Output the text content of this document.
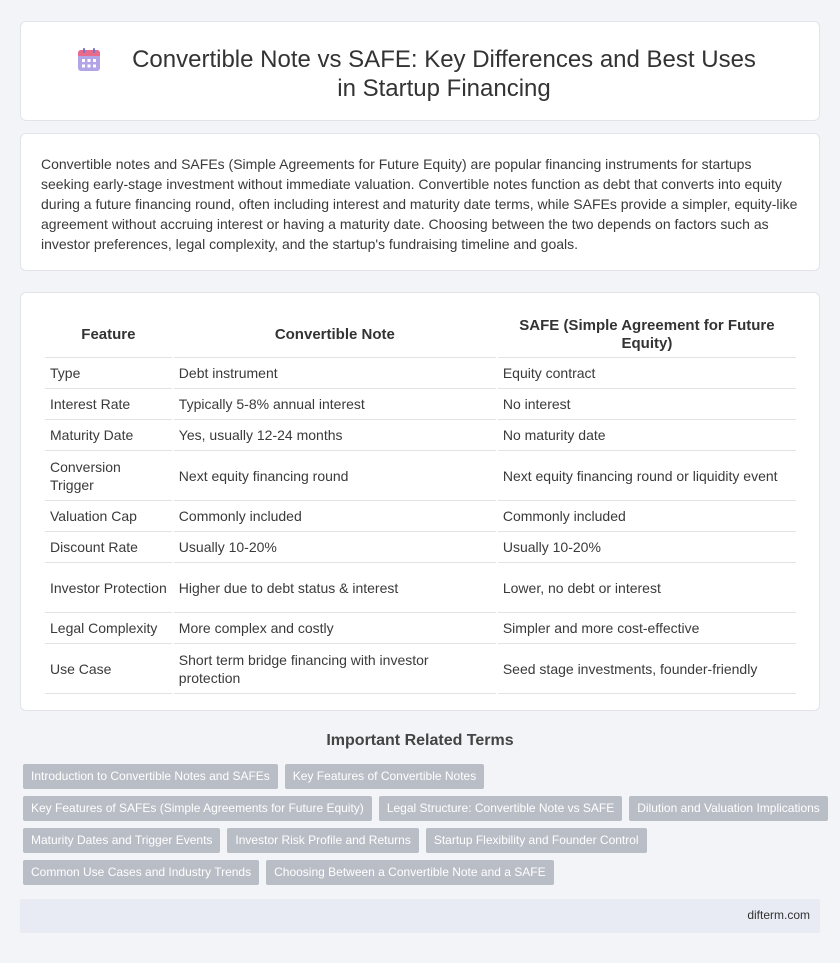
Convertible Note vs SAFE: Key Differences and Best Uses in Startup Financing

Convertible notes and SAFEs (Simple Agreements for Future Equity) are popular financing instruments for startups seeking early-stage investment without immediate valuation. Convertible notes function as debt that converts into equity during a future financing round, often including interest and maturity date terms, while SAFEs provide a simpler, equity-like agreement without accruing interest or having a maturity date. Choosing between the two depends on factors such as investor preferences, legal complexity, and the startup's fundraising timeline and goals.

Feature	Convertible Note	SAFE (Simple Agreement for Future Equity)
Type	Debt instrument	Equity contract
Interest Rate	Typically 5-8% annual interest	No interest
Maturity Date	Yes, usually 12-24 months	No maturity date
Conversion Trigger	Next equity financing round	Next equity financing round or liquidity event
Valuation Cap	Commonly included	Commonly included
Discount Rate	Usually 10-20%	Usually 10-20%
Investor Protection	Higher due to debt status & interest	Lower, no debt or interest
Legal Complexity	More complex and costly	Simpler and more cost-effective
Use Case	Short term bridge financing with investor protection	Seed stage investments, founder-friendly
Important Related Terms
Introduction to Convertible Notes and SAFEs	Key Features of Convertible Notes
Key Features of SAFEs (Simple Agreements for Future Equity)	Legal Structure: Convertible Note vs SAFE	Dilution and Valuation Implications
Maturity Dates and Trigger Events	Investor Risk Profile and Returns	Startup Flexibility and Founder Control
Common Use Cases and Industry Trends	Choosing Between a Convertible Note and a SAFE
difterm.com
